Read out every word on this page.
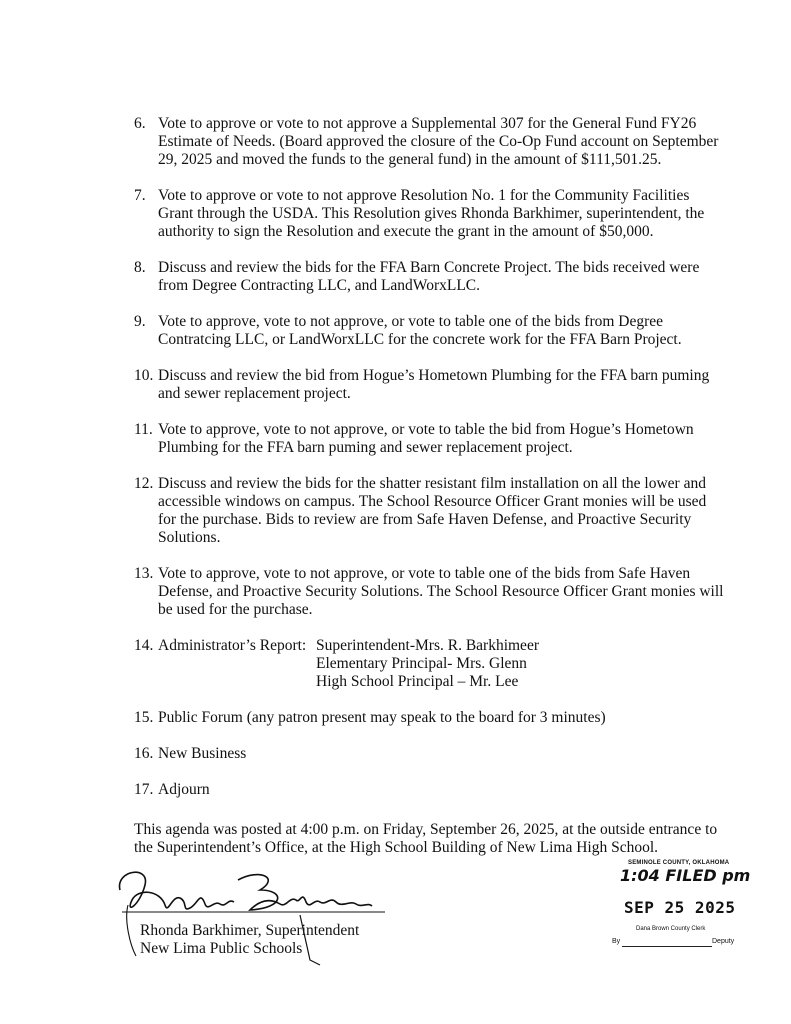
6. Vote to approve or vote to not approve a Supplemental 307 for the General Fund FY26 Estimate of Needs. (Board approved the closure of the Co-Op Fund account on September 29, 2025 and moved the funds to the general fund) in the amount of $111,501.25.
7. Vote to approve or vote to not approve Resolution No. 1 for the Community Facilities Grant through the USDA. This Resolution gives Rhonda Barkhimer, superintendent, the authority to sign the Resolution and execute the grant in the amount of $50,000.
8. Discuss and review the bids for the FFA Barn Concrete Project. The bids received were from Degree Contracting LLC, and LandWorxLLC.
9. Vote to approve, vote to not approve, or vote to table one of the bids from Degree Contratcing LLC, or LandWorxLLC for the concrete work for the FFA Barn Project.
10. Discuss and review the bid from Hogue’s Hometown Plumbing for the FFA barn puming and sewer replacement project.
11. Vote to approve, vote to not approve, or vote to table the bid from Hogue’s Hometown Plumbing for the FFA barn puming and sewer replacement project.
12. Discuss and review the bids for the shatter resistant film installation on all the lower and accessible windows on campus. The School Resource Officer Grant monies will be used for the purchase. Bids to review are from Safe Haven Defense, and Proactive Security Solutions.
13. Vote to approve, vote to not approve, or vote to table one of the bids from Safe Haven Defense, and Proactive Security Solutions. The School Resource Officer Grant monies will be used for the purchase.
14. Administrator’s Report: Superintendent-Mrs. R. Barkhimeer
Elementary Principal- Mrs. Glenn
High School Principal – Mr. Lee
15. Public Forum (any patron present may speak to the board for 3 minutes)
16. New Business
17. Adjourn
This agenda was posted at 4:00 p.m. on Friday, September 26, 2025, at the outside entrance to the Superintendent’s Office, at the High School Building of New Lima High School.
Rhonda Barkhimer, Superintendent
New Lima Public Schools
SEMINOLE COUNTY, OKLAHOMA
1:04 FILED pm
SEP 25 2025
Dana Brown County Clerk
By	Deputy
